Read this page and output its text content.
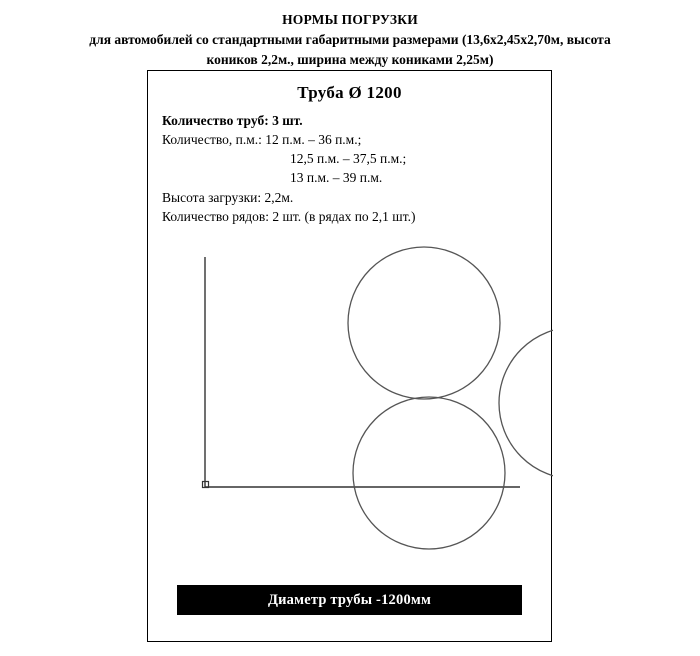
НОРМЫ ПОГРУЗКИ
для автомобилей со стандартными габаритными размерами (13,6х2,45х2,70м, высота
коников 2,2м., ширина между кониками 2,25м)
Труба Ø 1200
Количество труб: 3 шт.
Количество, п.м.: 12 п.м. – 36 п.м.;
12,5 п.м. – 37,5 п.м.;
13 п.м. – 39 п.м.
Высота загрузки: 2,2м.
Количество рядов: 2 шт. (в рядах по 2,1 шт.)
Диаметр трубы -1200мм
